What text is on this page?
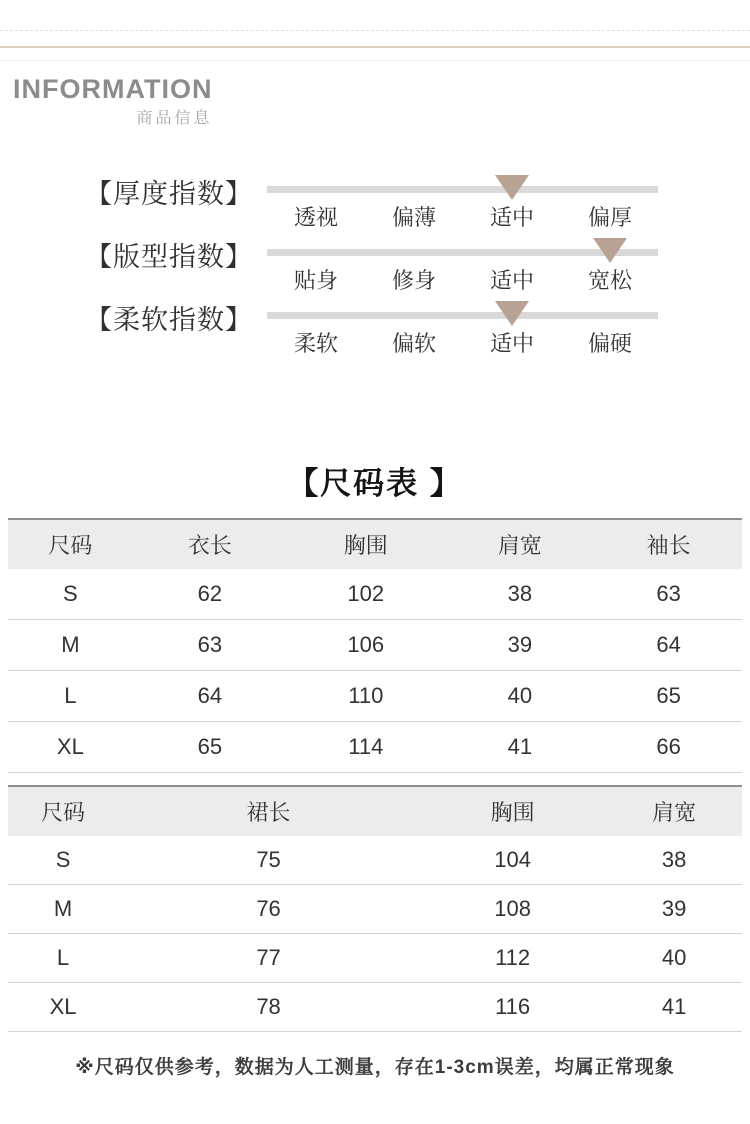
INFORMATION
商品信息
【厚度指数】
透视	偏薄	适中	偏厚
【版型指数】
贴身	修身	适中	宽松
【柔软指数】
柔软	偏软	适中	偏硬
【尺码表 】
尺码	衣长	胸围	肩宽	袖长
S	62	102	38	63
M	63	106	39	64
L	64	110	40	65
XL	65	114	41	66
尺码	裙长	胸围	肩宽
S	75	104	38
M	76	108	39
L	77	112	40
XL	78	116	41
※尺码仅供参考，数据为人工测量，存在1-3cm误差，均属正常现象
